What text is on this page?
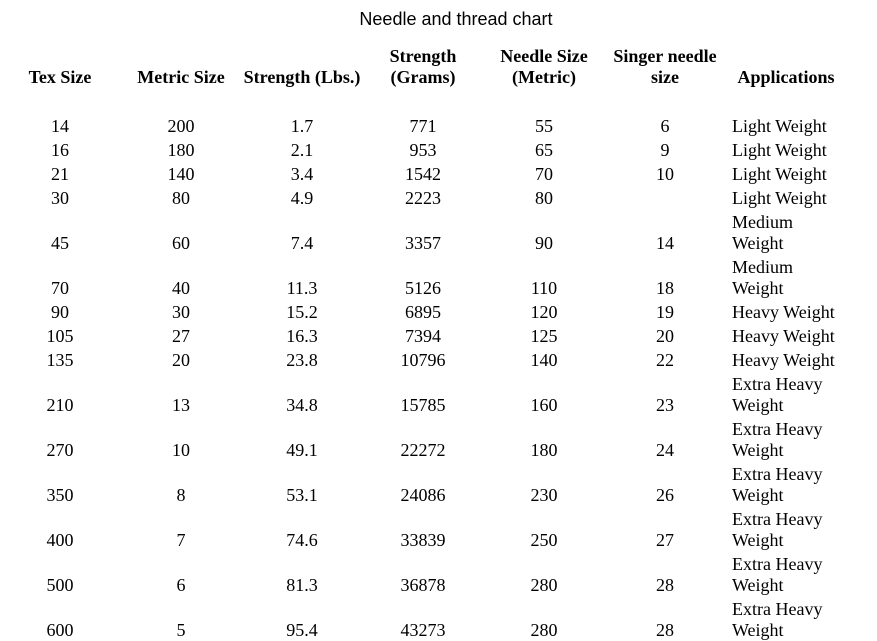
Needle and thread chart
Tex Size	Metric Size	Strength (Lbs.)	Strength (Grams)	Needle Size (Metric)	Singer needle size	Applications

14	200	1.7	771	55	6	Light Weight
16	180	2.1	953	65	9	Light Weight
21	140	3.4	1542	70	10	Light Weight
30	80	4.9	2223	80		Light Weight
45	60	7.4	3357	90	14	Medium Weight
70	40	11.3	5126	110	18	Medium Weight
90	30	15.2	6895	120	19	Heavy Weight
105	27	16.3	7394	125	20	Heavy Weight
135	20	23.8	10796	140	22	Heavy Weight
210	13	34.8	15785	160	23	Extra Heavy Weight
270	10	49.1	22272	180	24	Extra Heavy Weight
350	8	53.1	24086	230	26	Extra Heavy Weight
400	7	74.6	33839	250	27	Extra Heavy Weight
500	6	81.3	36878	280	28	Extra Heavy Weight
600	5	95.4	43273	280	28	Extra Heavy Weight
